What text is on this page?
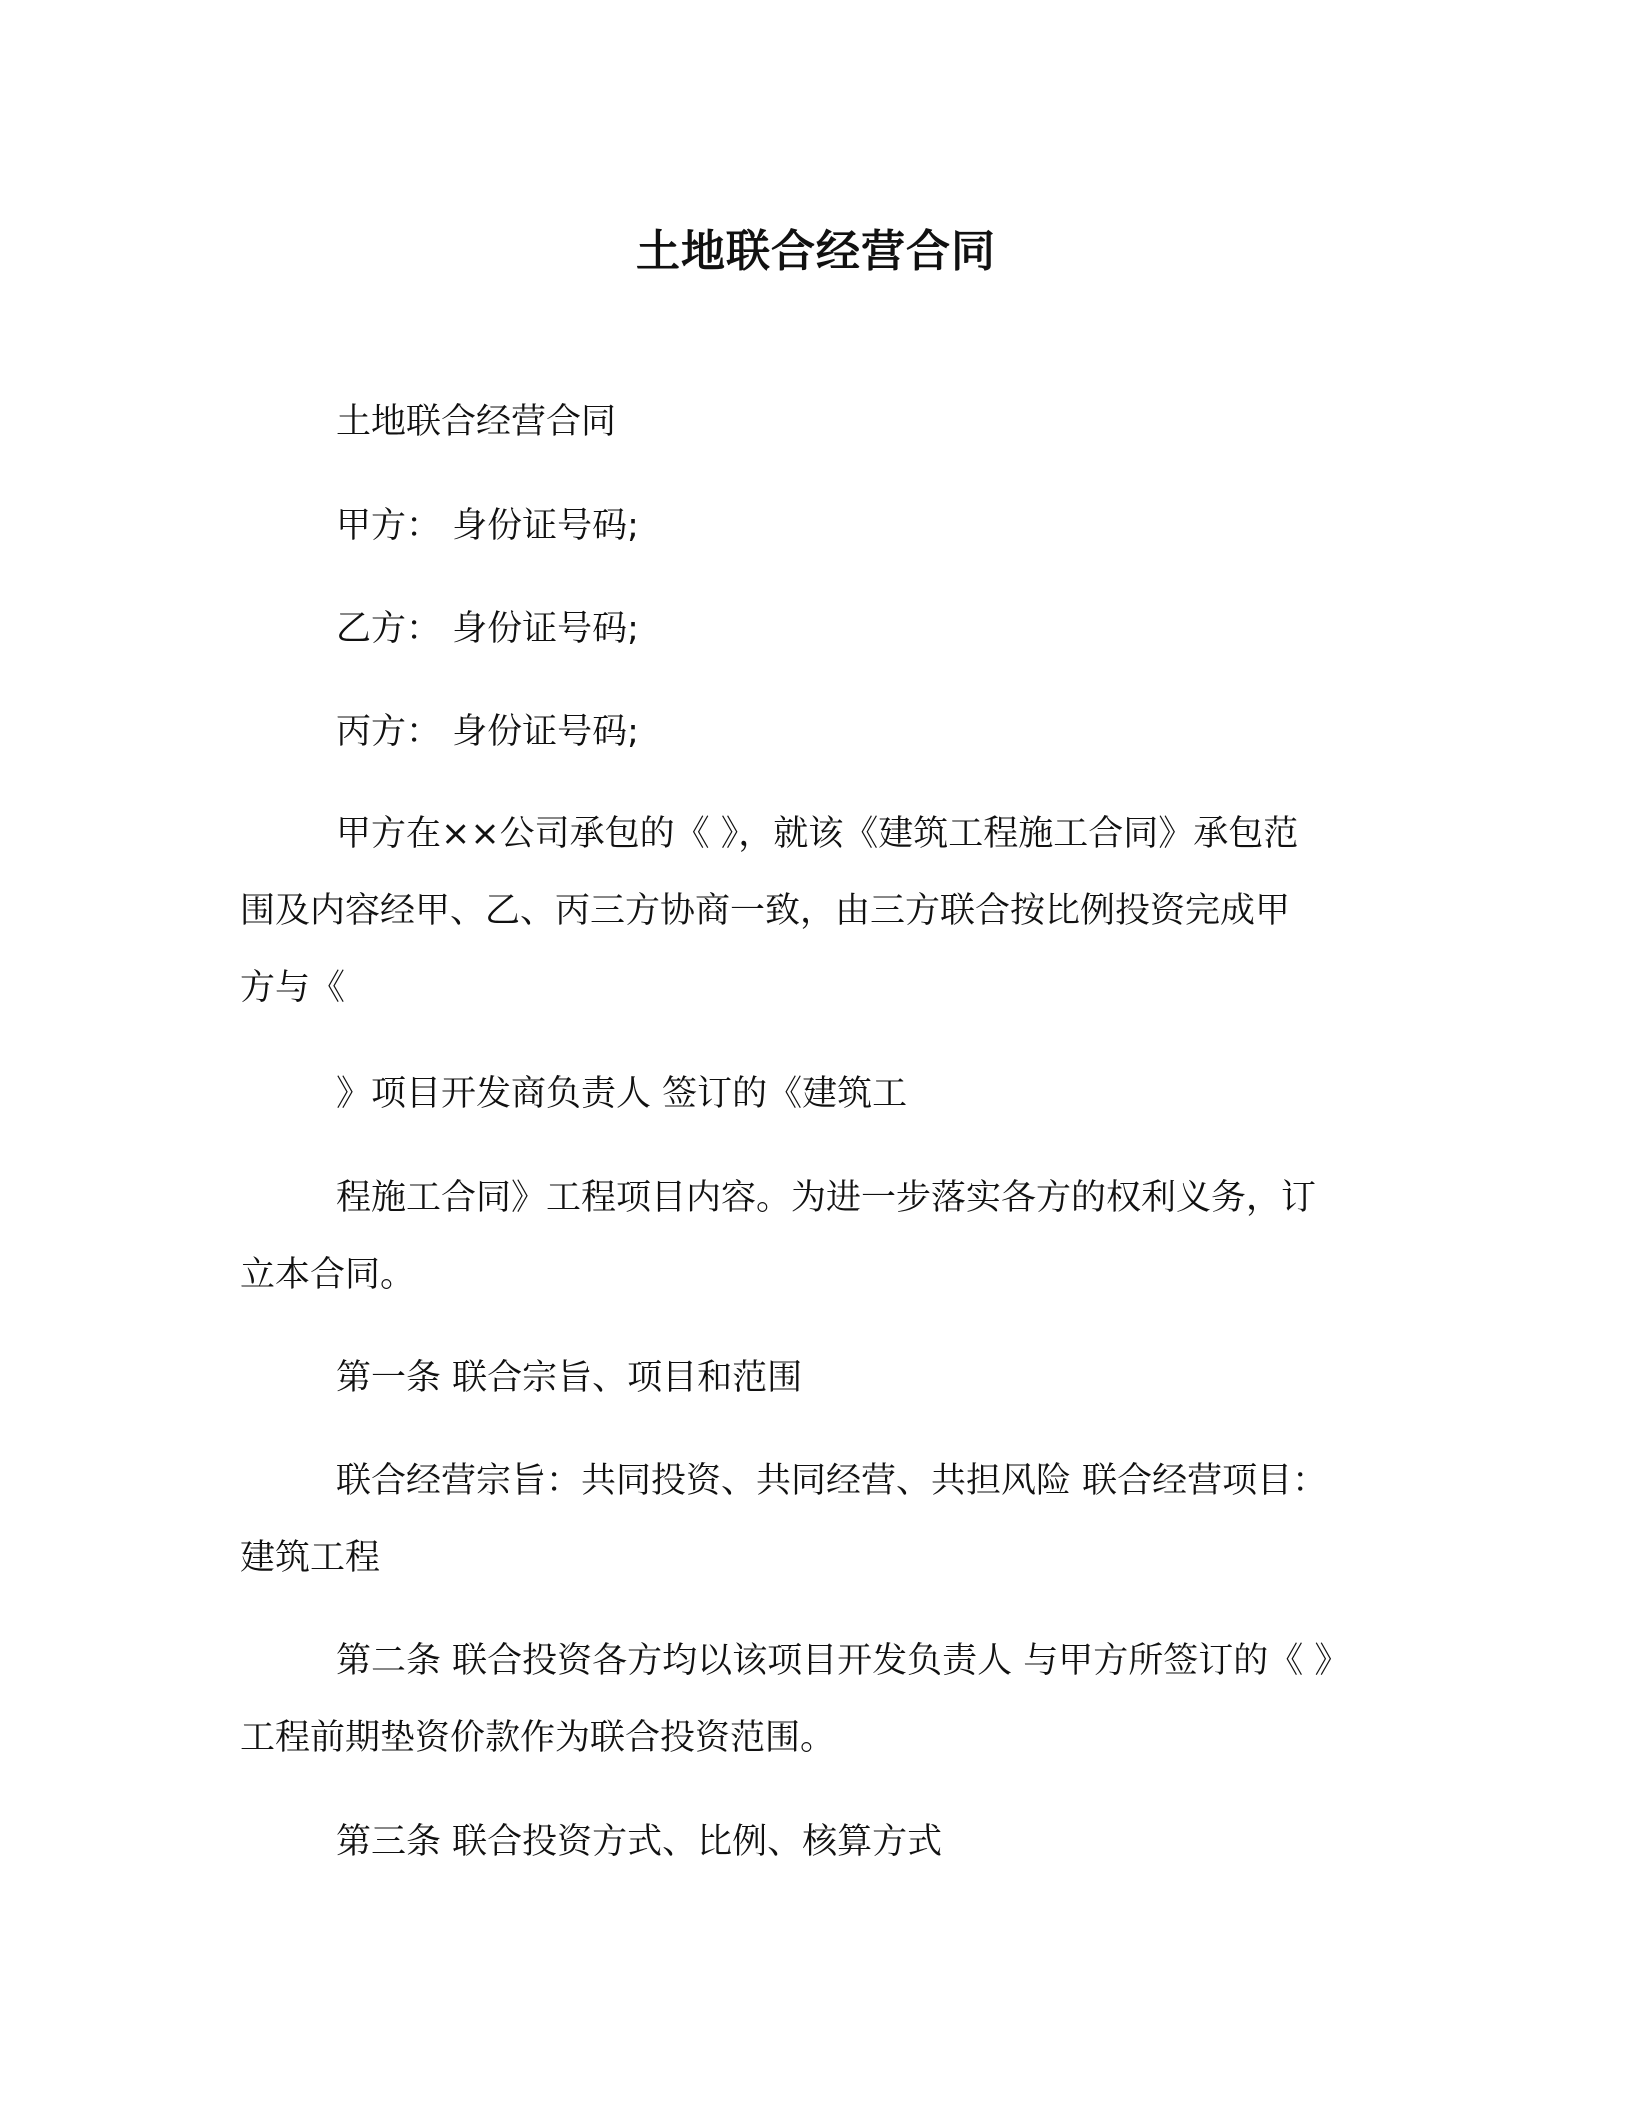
土地联合经营合同
土地联合经营合同
甲方： 身份证号码;
乙方： 身份证号码;
丙方： 身份证号码;
甲方在××公司承包的《 》，就该《建筑工程施工合同》承包范
围及内容经甲、乙、丙三方协商一致，由三方联合按比例投资完成甲
方与《
》项目开发商负责人 签订的《建筑工
程施工合同》工程项目内容。为进一步落实各方的权利义务，订
立本合同。
第一条 联合宗旨、项目和范围
联合经营宗旨：共同投资、共同经营、共担风险 联合经营项目：
建筑工程
第二条 联合投资各方均以该项目开发负责人 与甲方所签订的《 》
工程前期垫资价款作为联合投资范围。
第三条 联合投资方式、比例、核算方式
